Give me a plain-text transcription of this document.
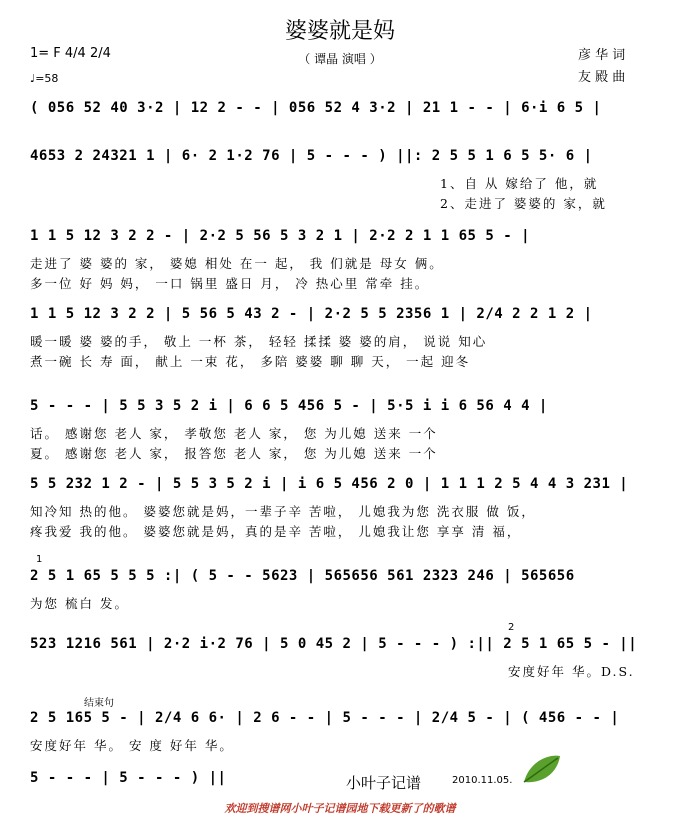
婆婆就是妈
（ 谭晶 演唱 ）
1= F 4/4 2/4
♩=58
彦 华 词
友 殿 曲
( 056 52 40 3·2 | 12 2 - - | 056 52 4 3·2 | 21 1 - - | 6·i 6 5 |
4653 2 24321 1 | 6· 2 1·2 76 | 5 - - - ) ||: 2 5 5 1 6 5 5· 6 |
1、自 从 嫁给了 他，就
2、走进了 婆婆的 家，就
1 1 5 12 3 2 2 - | 2·2 5 56 5 3 2 1 | 2·2 2 1 1 65 5 - |
走进了 婆 婆的 家， 婆媳 相处 在一 起， 我 们就是 母女 俩。
多一位 好 妈 妈， 一口 锅里 盛日 月， 冷 热心里 常牵 挂。
1 1 5 12 3 2 2 | 5 56 5 43 2 - | 2·2 5 5 2356 1 | 2/4 2 2 1 2 |
暖一暖 婆 婆的手， 敬上 一杯 茶， 轻轻 揉揉 婆 婆的肩， 说说 知心
煮一碗 长 寿 面， 献上 一束 花， 多陪 婆婆 聊 聊 天， 一起 迎冬
5 - - - | 5 5 3 5 2 i | 6 6 5 456 5 - | 5·5 i i 6 56 4 4 |
话。 感谢您 老人 家， 孝敬您 老人 家， 您 为儿媳 送来 一个
夏。 感谢您 老人 家， 报答您 老人 家， 您 为儿媳 送来 一个
5 5 232 1 2 - | 5 5 3 5 2 i | i 6 5 456 2 0 | 1 1 1 2 5 4 4 3 231 |
知冷知 热的他。 婆婆您就是妈，一辈子辛 苦啦， 儿媳我为您 洗衣服 做 饭，
疼我爱 我的他。 婆婆您就是妈，真的是辛 苦啦， 儿媳我让您 享享 清 福，
2 5 1 65 5 5 5 :| ( 5 - - 5623 | 565656 561 2323 246 | 565656
1
为您 梳白 发。
523 1216 561 | 2·2 i·2 76 | 5 0 45 2 | 5 - - - ) :|| 2 5 1 65 5 - ||
2
安度好年 华。D.S.
2 5 165 5 - | 2/4 6 6· | 2 6 - - | 5 - - - | 2/4 5 - | ( 456 - - |
结束句
安度好年 华。 安 度 好年 华。
5 - - - | 5 - - - ) ||	小叶子记谱	2010.11.05.
欢迎到搜谱网小叶子记谱园地下载更新了的歌谱
